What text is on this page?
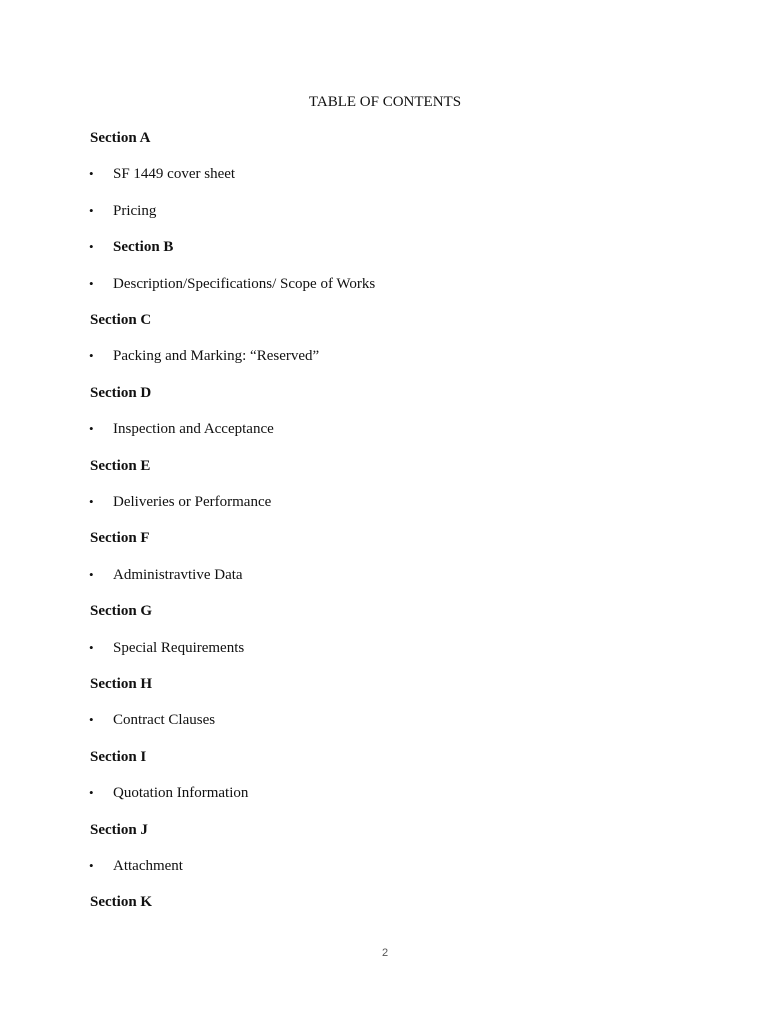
TABLE OF CONTENTS
Section A
•	SF 1449 cover sheet
•	Pricing
•	Section B
•	Description/Specifications/ Scope of Works
Section C
•	Packing and Marking: “Reserved”
Section D
•	Inspection and Acceptance
Section E
•	Deliveries or Performance
Section F
•	Administravtive Data
Section G
•	Special Requirements
Section H
•	Contract Clauses
Section I
•	Quotation Information
Section J
•	Attachment
Section K
2
